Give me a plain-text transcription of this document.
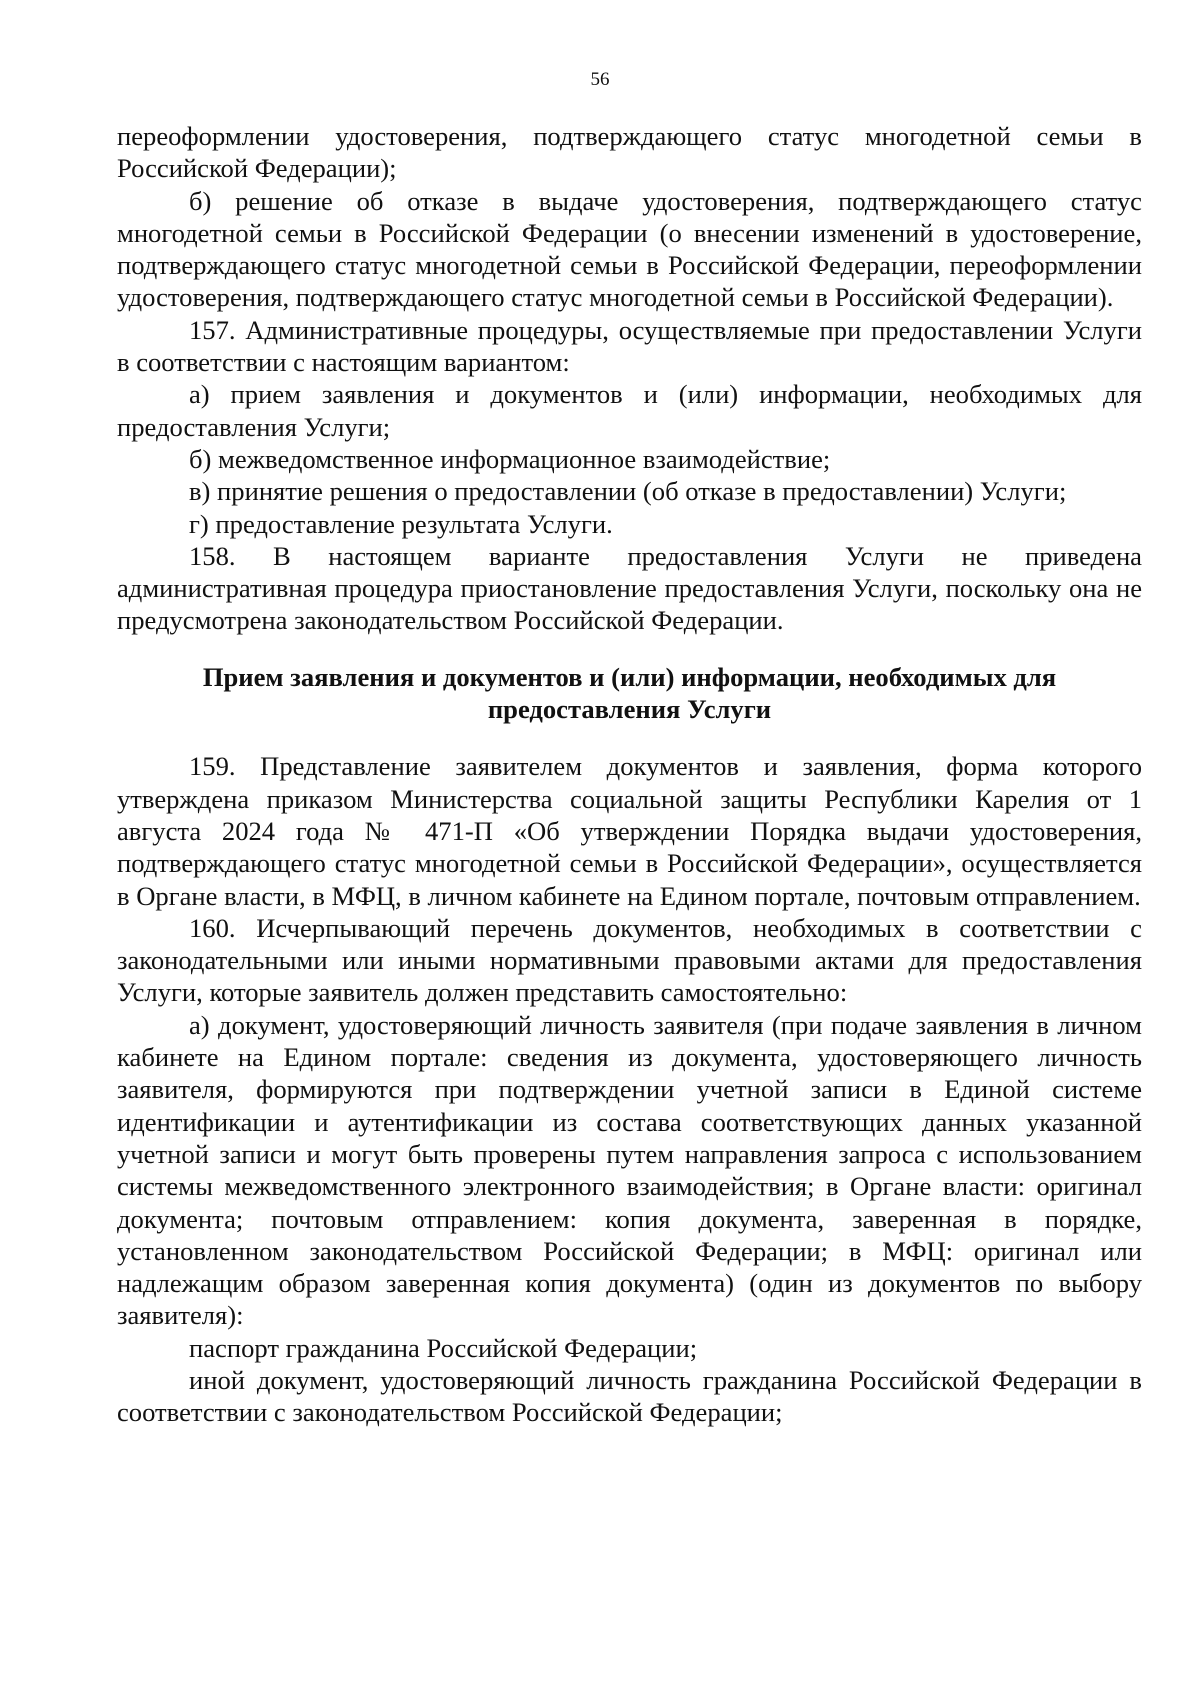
56

переоформлении удостоверения, подтверждающего статус многодетной семьи в Российской Федерации);

б) решение об отказе в выдаче удостоверения, подтверждающего статус многодетной семьи в Российской Федерации (о внесении изменений в удостоверение, подтверждающего статус многодетной семьи в Российской Федерации, переоформлении удостоверения, подтверждающего статус многодетной семьи в Российской Федерации).

157. Административные процедуры, осуществляемые при предоставлении Услуги в соответствии с настоящим вариантом:

а) прием заявления и документов и (или) информации, необходимых для предоставления Услуги;

б) межведомственное информационное взаимодействие;

в) принятие решения о предоставлении (об отказе в предоставлении) Услуги;

г) предоставление результата Услуги.

158. В настоящем варианте предоставления Услуги не приведена административная процедура приостановление предоставления Услуги, поскольку она не предусмотрена законодательством Российской Федерации.

Прием заявления и документов и (или) информации, необходимых для предоставления Услуги

159. Представление заявителем документов и заявления, форма которого утверждена приказом Министерства социальной защиты Республики Карелия от 1 августа 2024 года № 471-П «Об утверждении Порядка выдачи удостоверения, подтверждающего статус многодетной семьи в Российской Федерации», осуществляется в Органе власти, в МФЦ, в личном кабинете на Едином портале, почтовым отправлением.

160. Исчерпывающий перечень документов, необходимых в соответствии с законодательными или иными нормативными правовыми актами для предоставления Услуги, которые заявитель должен представить самостоятельно:

а) документ, удостоверяющий личность заявителя (при подаче заявления в личном кабинете на Едином портале: сведения из документа, удостоверяющего личность заявителя, формируются при подтверждении учетной записи в Единой системе идентификации и аутентификации из состава соответствующих данных указанной учетной записи и могут быть проверены путем направления запроса с использованием системы межведомственного электронного взаимодействия; в Органе власти: оригинал документа; почтовым отправлением: копия документа, заверенная в порядке, установленном законодательством Российской Федерации; в МФЦ: оригинал или надлежащим образом заверенная копия документа) (один из документов по выбору заявителя):

паспорт гражданина Российской Федерации;

иной документ, удостоверяющий личность гражданина Российской Федерации в соответствии с законодательством Российской Федерации;
